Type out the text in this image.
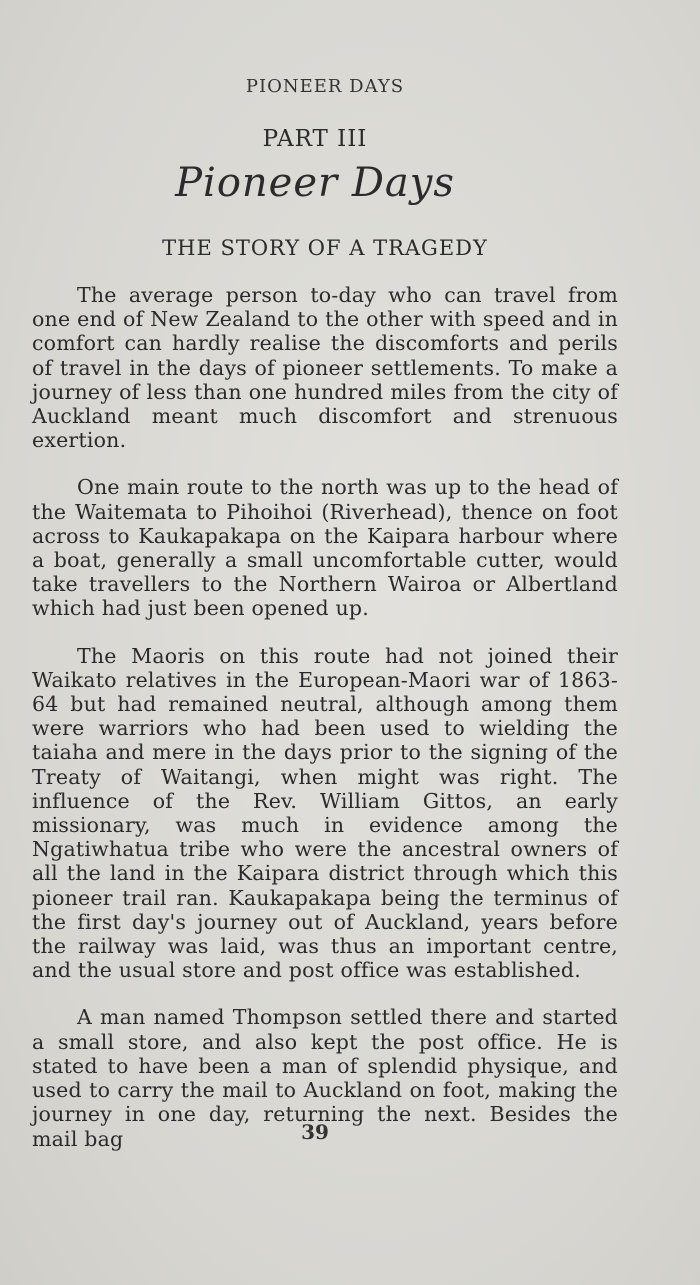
PIONEER DAYS
PART III
Pioneer Days
THE STORY OF A TRAGEDY

The average person to-day who can travel from one end of New Zealand to the other with speed and in comfort can hardly realise the discomforts and perils of travel in the days of pioneer settlements. To make a journey of less than one hundred miles from the city of Auckland meant much discomfort and strenuous exertion.

One main route to the north was up to the head of the Waitemata to Pihoihoi (Riverhead), thence on foot across to Kaukapakapa on the Kaipara harbour where a boat, generally a small uncomfortable cutter, would take travellers to the Northern Wairoa or Albertland which had just been opened up.

The Maoris on this route had not joined their Waikato relatives in the European-Maori war of 1863-64 but had remained neutral, although among them were warriors who had been used to wielding the taiaha and mere in the days prior to the signing of the Treaty of Waitangi, when might was right. The influence of the Rev. William Gittos, an early missionary, was much in evidence among the Ngatiwhatua tribe who were the ancestral owners of all the land in the Kaipara district through which this pioneer trail ran. Kaukapakapa being the terminus of the first day's journey out of Auckland, years before the railway was laid, was thus an important centre, and the usual store and post office was established.

A man named Thompson settled there and started a small store, and also kept the post office. He is stated to have been a man of splendid physique, and used to carry the mail to Auckland on foot, making the journey in one day, returning the next. Besides the mail bag	39
